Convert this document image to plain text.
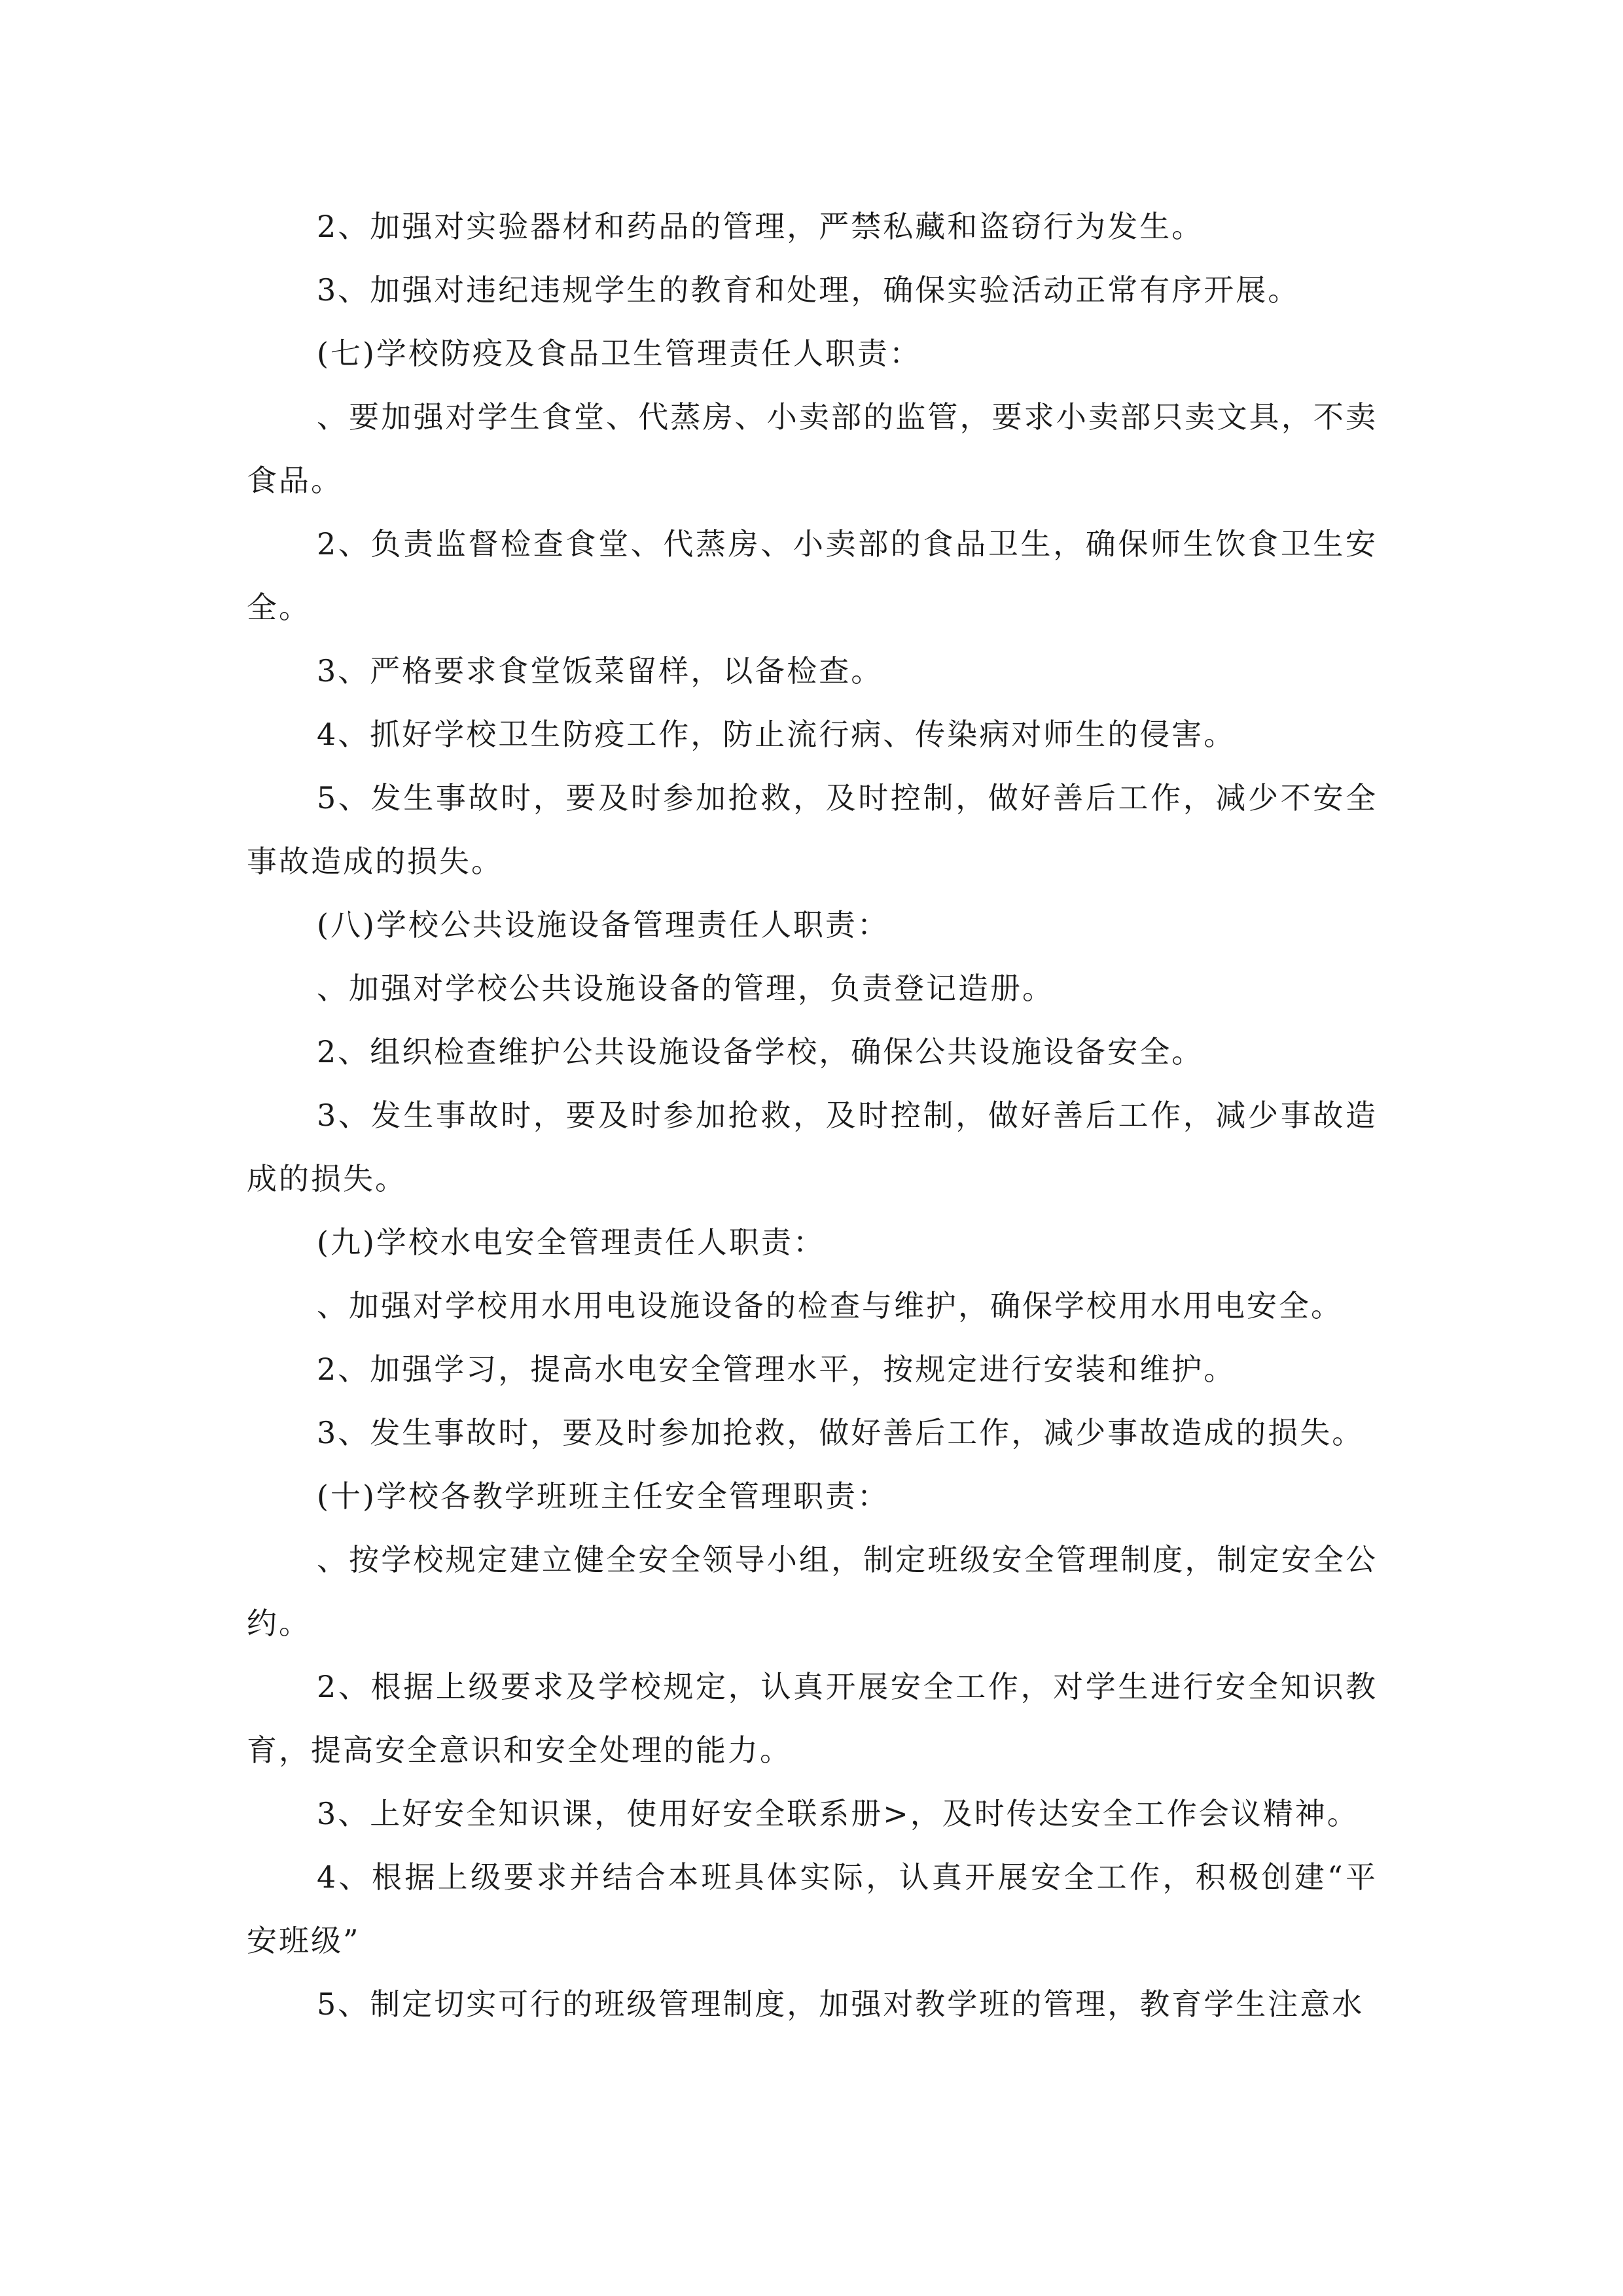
2、加强对实验器材和药品的管理，严禁私藏和盗窃行为发生。

3、加强对违纪违规学生的教育和处理，确保实验活动正常有序开展。

(七)学校防疫及食品卫生管理责任人职责：

、要加强对学生食堂、代蒸房、小卖部的监管，要求小卖部只卖文具，不卖食品。

2、负责监督检查食堂、代蒸房、小卖部的食品卫生，确保师生饮食卫生安全。

3、严格要求食堂饭菜留样，以备检查。

4、抓好学校卫生防疫工作，防止流行病、传染病对师生的侵害。

5、发生事故时，要及时参加抢救，及时控制，做好善后工作，减少不安全事故造成的损失。

(八)学校公共设施设备管理责任人职责：

、加强对学校公共设施设备的管理，负责登记造册。

2、组织检查维护公共设施设备学校，确保公共设施设备安全。

3、发生事故时，要及时参加抢救，及时控制，做好善后工作，减少事故造成的损失。

(九)学校水电安全管理责任人职责：

、加强对学校用水用电设施设备的检查与维护，确保学校用水用电安全。

2、加强学习，提高水电安全管理水平，按规定进行安装和维护。

3、发生事故时，要及时参加抢救，做好善后工作，减少事故造成的损失。

(十)学校各教学班班主任安全管理职责：

、按学校规定建立健全安全领导小组，制定班级安全管理制度，制定安全公约。

2、根据上级要求及学校规定，认真开展安全工作，对学生进行安全知识教育，提高安全意识和安全处理的能力。

3、上好安全知识课，使用好安全联系册>，及时传达安全工作会议精神。

4、根据上级要求并结合本班具体实际，认真开展安全工作，积极创建“平安班级”

5、制定切实可行的班级管理制度，加强对教学班的管理，教育学生注意水
